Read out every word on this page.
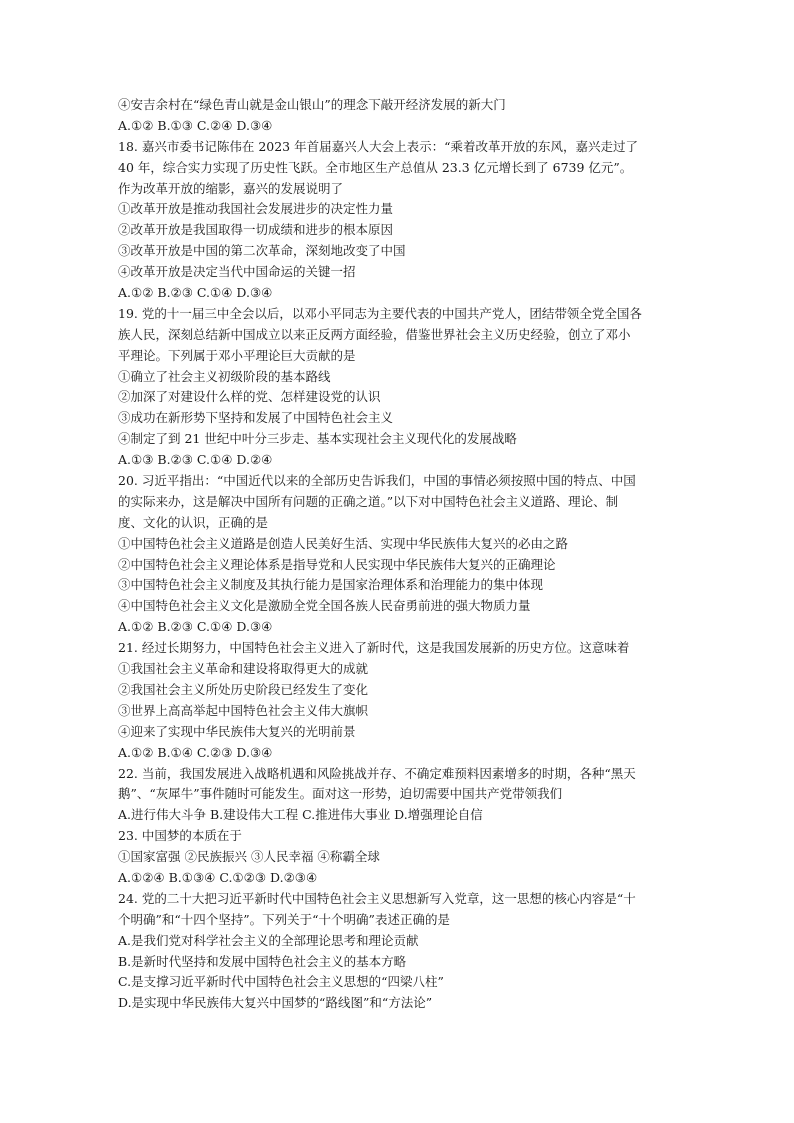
④安吉余村在“绿色青山就是金山银山”的理念下敲开经济发展的新大门
A.①② B.①③ C.②④ D.③④
18. 嘉兴市委书记陈伟在 2023 年首届嘉兴人大会上表示：“乘着改革开放的东风，嘉兴走过了
40 年，综合实力实现了历史性飞跃。全市地区生产总值从 23.3 亿元增长到了 6739 亿元”。
作为改革开放的缩影，嘉兴的发展说明了
①改革开放是推动我国社会发展进步的决定性力量
②改革开放是我国取得一切成绩和进步的根本原因
③改革开放是中国的第二次革命，深刻地改变了中国
④改革开放是决定当代中国命运的关键一招
A.①② B.②③ C.①④ D.③④
19. 党的十一届三中全会以后，以邓小平同志为主要代表的中国共产党人，团结带领全党全国各
族人民，深刻总结新中国成立以来正反两方面经验，借鉴世界社会主义历史经验，创立了邓小
平理论。下列属于邓小平理论巨大贡献的是
①确立了社会主义初级阶段的基本路线
②加深了对建设什么样的党、怎样建设党的认识
③成功在新形势下坚持和发展了中国特色社会主义
④制定了到 21 世纪中叶分三步走、基本实现社会主义现代化的发展战略
A.①③ B.②③ C.①④ D.②④
20. 习近平指出：“中国近代以来的全部历史告诉我们，中国的事情必须按照中国的特点、中国
的实际来办，这是解决中国所有问题的正确之道。”以下对中国特色社会主义道路、理论、制
度、文化的认识，正确的是
①中国特色社会主义道路是创造人民美好生活、实现中华民族伟大复兴的必由之路
②中国特色社会主义理论体系是指导党和人民实现中华民族伟大复兴的正确理论
③中国特色社会主义制度及其执行能力是国家治理体系和治理能力的集中体现
④中国特色社会主义文化是激励全党全国各族人民奋勇前进的强大物质力量
A.①② B.②③ C.①④ D.③④
21. 经过长期努力，中国特色社会主义进入了新时代，这是我国发展新的历史方位。这意味着
①我国社会主义革命和建设将取得更大的成就
②我国社会主义所处历史阶段已经发生了变化
③世界上高高举起中国特色社会主义伟大旗帜
④迎来了实现中华民族伟大复兴的光明前景
A.①② B.①④ C.②③ D.③④
22. 当前，我国发展进入战略机遇和风险挑战并存、不确定难预料因素增多的时期，各种“黑天
鹅”、“灰犀牛”事件随时可能发生。面对这一形势，迫切需要中国共产党带领我们
A.进行伟大斗争 B.建设伟大工程 C.推进伟大事业 D.增强理论自信
23. 中国梦的本质在于
①国家富强 ②民族振兴 ③人民幸福 ④称霸全球
A.①②④ B.①③④ C.①②③ D.②③④
24. 党的二十大把习近平新时代中国特色社会主义思想新写入党章，这一思想的核心内容是“十
个明确”和“十四个坚持”。下列关于“十个明确”表述正确的是
A.是我们党对科学社会主义的全部理论思考和理论贡献
B.是新时代坚持和发展中国特色社会主义的基本方略
C.是支撑习近平新时代中国特色社会主义思想的“四梁八柱”
D.是实现中华民族伟大复兴中国梦的“路线图”和“方法论”
